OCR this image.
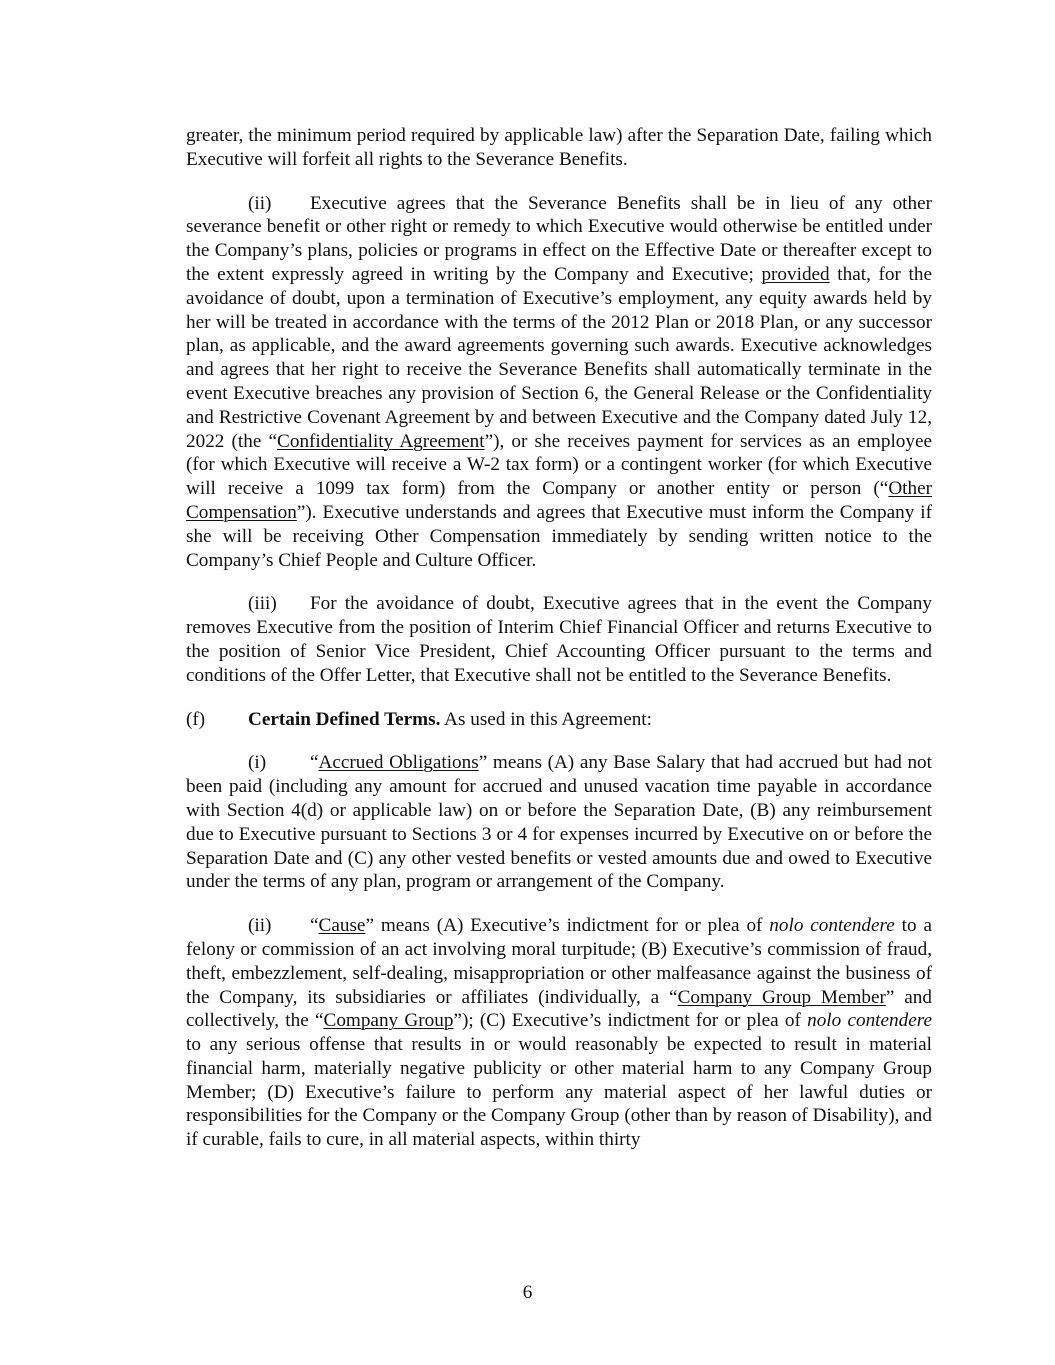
greater, the minimum period required by applicable law) after the Separation Date, failing which Executive will forfeit all rights to the Severance Benefits.

(ii) Executive agrees that the Severance Benefits shall be in lieu of any other severance benefit or other right or remedy to which Executive would otherwise be entitled under the Company’s plans, policies or programs in effect on the Effective Date or thereafter except to the extent expressly agreed in writing by the Company and Executive; provided that, for the avoidance of doubt, upon a termination of Executive’s employment, any equity awards held by her will be treated in accordance with the terms of the 2012 Plan or 2018 Plan, or any successor plan, as applicable, and the award agreements governing such awards. Executive acknowledges and agrees that her right to receive the Severance Benefits shall automatically terminate in the event Executive breaches any provision of Section 6, the General Release or the Confidentiality and Restrictive Covenant Agreement by and between Executive and the Company dated July 12, 2022 (the “Confidentiality Agreement”), or she receives payment for services as an employee (for which Executive will receive a W-2 tax form) or a contingent worker (for which Executive will receive a 1099 tax form) from the Company or another entity or person (“Other Compensation”). Executive understands and agrees that Executive must inform the Company if she will be receiving Other Compensation immediately by sending written notice to the Company’s Chief People and Culture Officer.

(iii) For the avoidance of doubt, Executive agrees that in the event the Company removes Executive from the position of Interim Chief Financial Officer and returns Executive to the position of Senior Vice President, Chief Accounting Officer pursuant to the terms and conditions of the Offer Letter, that Executive shall not be entitled to the Severance Benefits.

(f) Certain Defined Terms. As used in this Agreement:

(i) “Accrued Obligations” means (A) any Base Salary that had accrued but had not been paid (including any amount for accrued and unused vacation time payable in accordance with Section 4(d) or applicable law) on or before the Separation Date, (B) any reimbursement due to Executive pursuant to Sections 3 or 4 for expenses incurred by Executive on or before the Separation Date and (C) any other vested benefits or vested amounts due and owed to Executive under the terms of any plan, program or arrangement of the Company.

(ii) “Cause” means (A) Executive’s indictment for or plea of nolo contendere to a felony or commission of an act involving moral turpitude; (B) Executive’s commission of fraud, theft, embezzlement, self-dealing, misappropriation or other malfeasance against the business of the Company, its subsidiaries or affiliates (individually, a “Company Group Member” and collectively, the “Company Group”); (C) Executive’s indictment for or plea of nolo contendere to any serious offense that results in or would reasonably be expected to result in material financial harm, materially negative publicity or other material harm to any Company Group Member; (D) Executive’s failure to perform any material aspect of her lawful duties or responsibilities for the Company or the Company Group (other than by reason of Disability), and if curable, fails to cure, in all material aspects, within thirty

6
